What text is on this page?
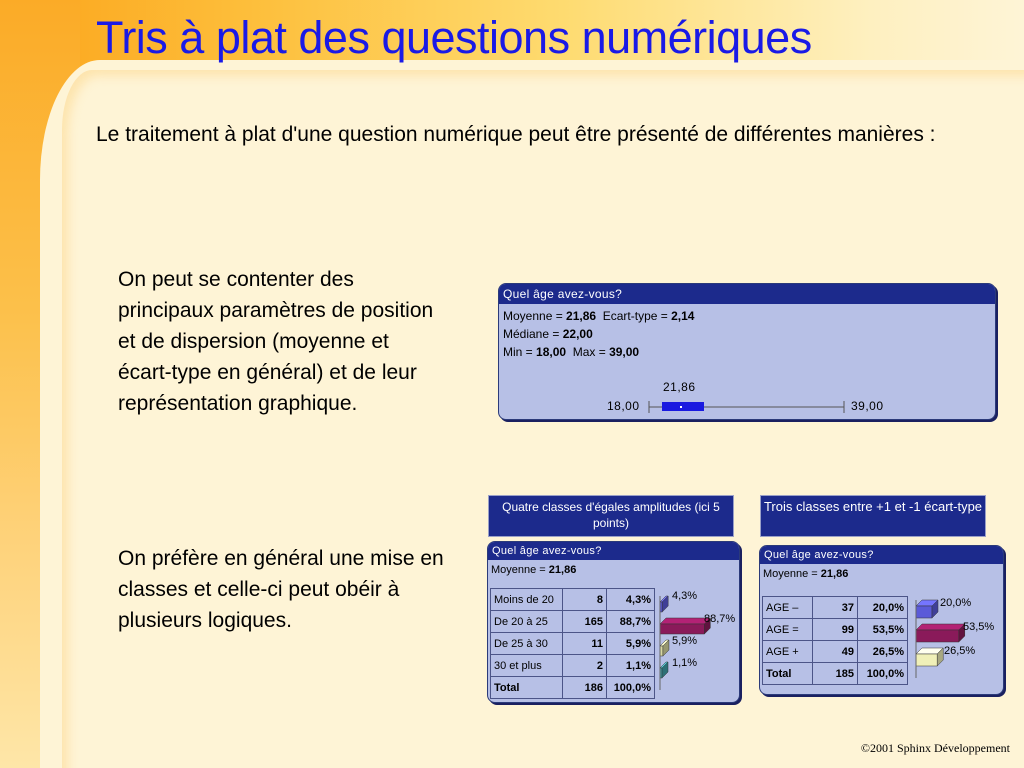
Tris à plat des questions numériques
Le traitement à plat d'une question numérique peut être présenté de différentes manières :
On peut se contenter des principaux paramètres de position et de dispersion (moyenne et écart-type en général) et de leur représentation graphique.
On préfère en général une mise en classes et celle-ci peut obéir à plusieurs logiques.
Quel âge avez-vous?
Moyenne = 21,86 Ecart-type = 2,14
Médiane = 22,00
Min = 18,00 Max = 39,00
21,86
18,00	39,00
Quatre classes d'égales amplitudes (ici 5 points)
Trois classes entre +1 et -1 écart-type
Quel âge avez-vous?
Moyenne = 21,86
Moins de 20	8	4,3%
De 20 à 25	165	88,7%
De 25 à 30	11	5,9%
30 et plus	2	1,1%
Total	186	100,0%
4,3%
88,7%
5,9%
1,1%
Quel âge avez-vous?
Moyenne = 21,86
AGE –	37	20,0%
AGE =	99	53,5%
AGE +	49	26,5%
Total	185	100,0%
20,0%
53,5%
26,5%
©2001 Sphinx Développement
